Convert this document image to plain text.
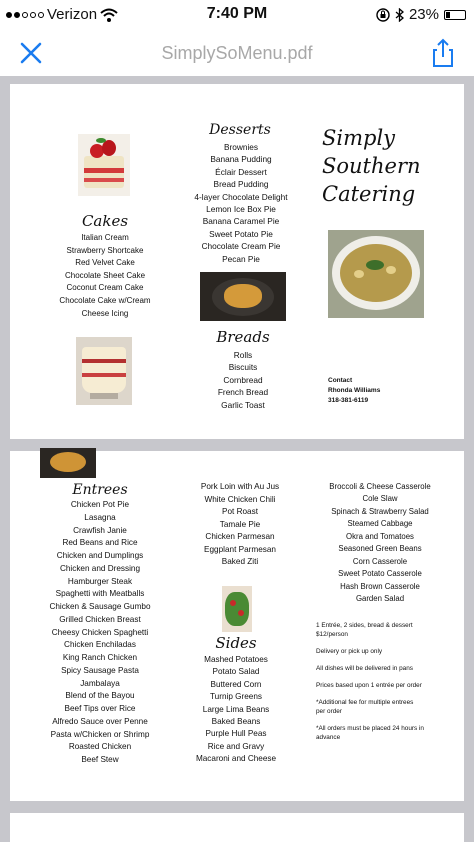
Verizon	7:40 PM	23%
SimplySoMenu.pdf
Cakes
Italian Cream
Strawberry Shortcake
Red Velvet Cake
Chocolate Sheet Cake
Coconut Cream Cake
Chocolate Cake w/Cream
Cheese Icing
Desserts
Brownies
Banana Pudding
Éclair Dessert
Bread Pudding
4-layer Chocolate Delight
Lemon Ice Box Pie
Banana Caramel Pie
Sweet Potato Pie
Chocolate Cream Pie
Pecan Pie
Breads
Rolls
Biscuits
Cornbread
French Bread
Garlic Toast
Simply
Southern
Catering
Contact
Rhonda Williams
318-381-6119
Entrees
Chicken Pot Pie
Lasagna
Crawfish Janie
Red Beans and Rice
Chicken and Dumplings
Chicken and Dressing
Hamburger Steak
Spaghetti with Meatballs
Chicken & Sausage Gumbo
Grilled Chicken Breast
Cheesy Chicken Spaghetti
Chicken Enchiladas
King Ranch Chicken
Spicy Sausage Pasta
Jambalaya
Blend of the Bayou
Beef Tips over Rice
Alfredo Sauce over Penne
Pasta w/Chicken or Shrimp
Roasted Chicken
Beef Stew
Pork Loin with Au Jus
White Chicken Chili
Pot Roast
Tamale Pie
Chicken Parmesan
Eggplant Parmesan
Baked Ziti
Sides
Mashed Potatoes
Potato Salad
Buttered Corn
Turnip Greens
Large Lima Beans
Baked Beans
Purple Hull Peas
Rice and Gravy
Macaroni and Cheese
Broccoli & Cheese Casserole
Cole Slaw
Spinach & Strawberry Salad
Steamed Cabbage
Okra and Tomatoes
Seasoned Green Beans
Corn Casserole
Sweet Potato Casserole
Hash Brown Casserole
Garden Salad
1 Entrée, 2 sides, bread & dessert $12/person
Delivery or pick up only
All dishes will be delivered in pans
Prices based upon 1 entrée per order
*Additional fee for multiple entrees per order
*All orders must be placed 24 hours in advance
